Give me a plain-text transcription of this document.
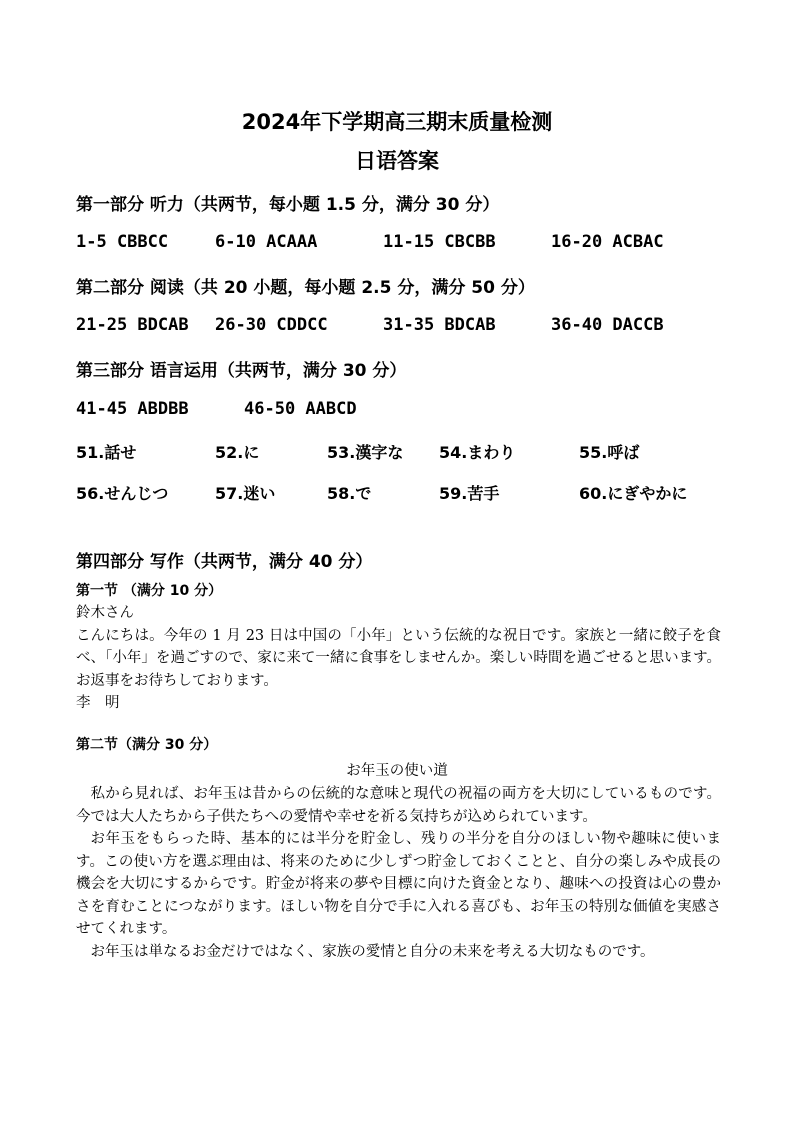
2024年下学期高三期末质量检测
日语答案
第一部分 听力（共两节，每小题 1.5 分，满分 30 分）
1-5 CBBCC	6-10 ACAAA	11-15 CBCBB	16-20 ACBAC
第二部分 阅读（共 20 小题，每小题 2.5 分，满分 50 分）
21-25 BDCAB 26-30 CDDCC	31-35 BDCAB	36-40 DACCB
第三部分 语言运用（共两节，满分 30 分）
41-45 ABDBB	46-50 AABCD
51.話せ	52.に	53.漢字な 54.まわり	55.呼ば
56.せんじつ	57.迷い	58.で	59.苦手	60.にぎやかに
第四部分 写作（共两节，满分 40 分）
第一节 （满分 10 分）

鈴木さん

こんにちは。今年の 1 月 23 日は中国の「小年」という伝統的な祝日です。家族と一緒に餃子を食べ、「小年」を過ごすので、家に来て一緒に食事をしませんか。楽しい時間を過ごせると思います。お返事をお待ちしております。

李　明

第二节（满分 30 分）
お年玉の使い道

私から見れば、お年玉は昔からの伝統的な意味と現代の祝福の両方を大切にしているものです。今では大人たちから子供たちへの愛情や幸せを祈る気持ちが込められています。

お年玉をもらった時、基本的には半分を貯金し、残りの半分を自分のほしい物や趣味に使います。この使い方を選ぶ理由は、将来のために少しずつ貯金しておくことと、自分の楽しみや成長の機会を大切にするからです。貯金が将来の夢や目標に向けた資金となり、趣味への投資は心の豊かさを育むことにつながります。ほしい物を自分で手に入れる喜びも、お年玉の特別な価値を実感させてくれます。

お年玉は単なるお金だけではなく、家族の愛情と自分の未来を考える大切なものです。
